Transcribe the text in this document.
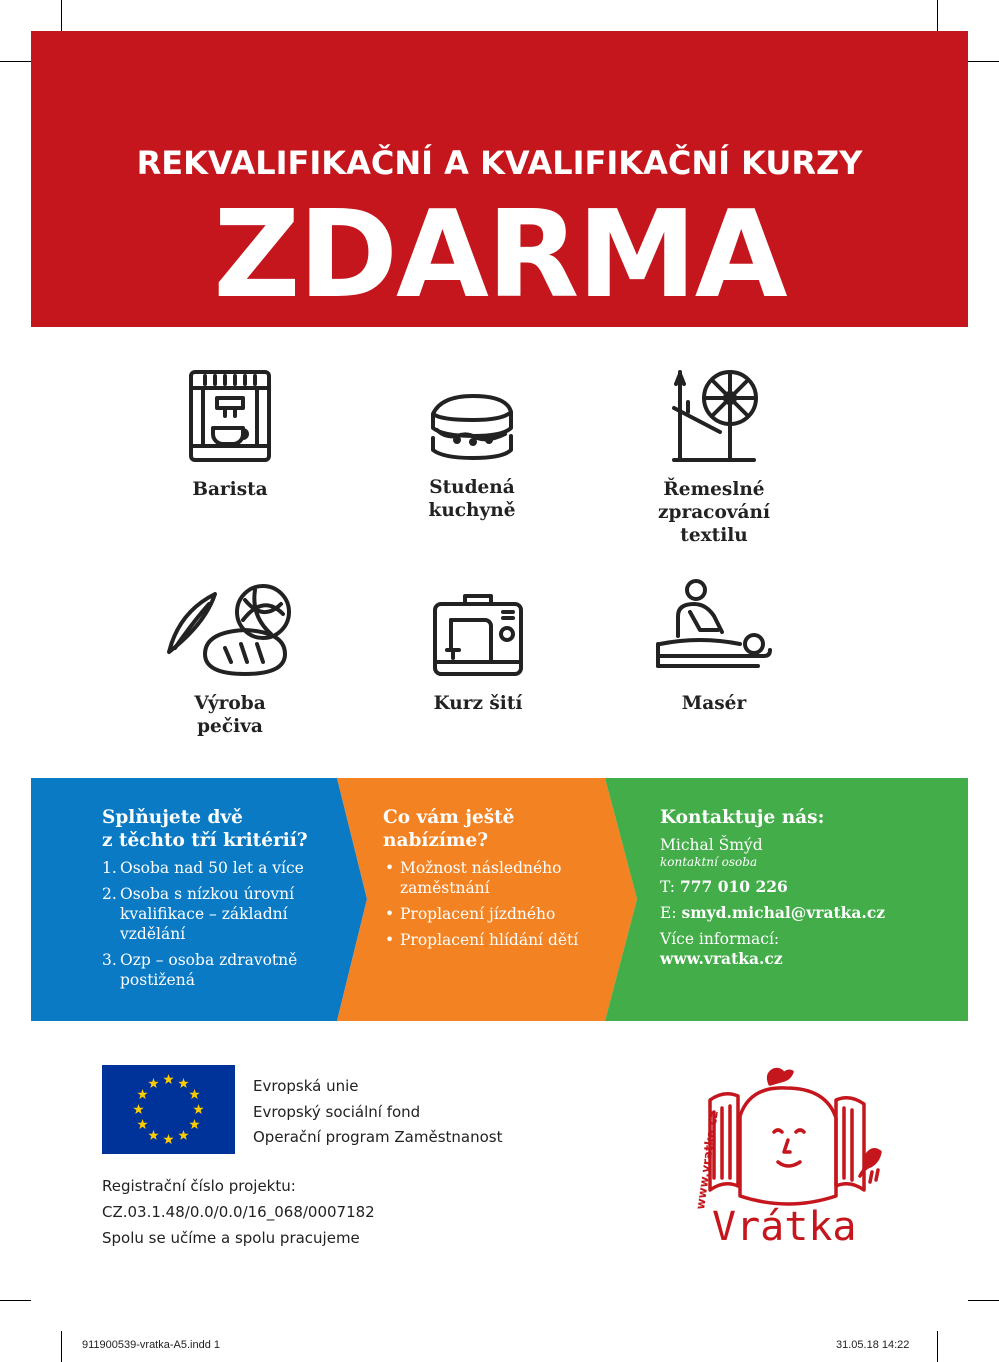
REKVALIFIKAČNÍ A KVALIFIKAČNÍ KURZY
ZDARMA
Barista	Studená
kuchyně
Řemeslné
zpracování
textilu
Výroba
pečiva
Kurz šití	Masér
Splňujete dvě
z těchto tří kritérií?
1. Osoba nad 50 let a více
2. Osoba s nízkou úrovní kvalifikace – základní vzdělání
3. Ozp – osoba zdravotně postižená
Co vám ještě
nabízíme?
• Možnost následného zaměstnání
• Proplacení jízdného
• Proplacení hlídání dětí
Kontaktuje nás:
Michal Šmýd
kontaktní osoba
T: 777 010 226
E: smyd.michal@vratka.cz
Více informací:
www.vratka.cz
Evropská unie
Evropský sociální fond
Operační program Zaměstnanost
Registrační číslo projektu:
CZ.03.1.48/0.0/0.0/16_068/0007182
Spolu se učíme a spolu pracujeme	Vrátka
www.vratka.cz
911900539-vratka-A5.indd 1	31.05.18 14:22
